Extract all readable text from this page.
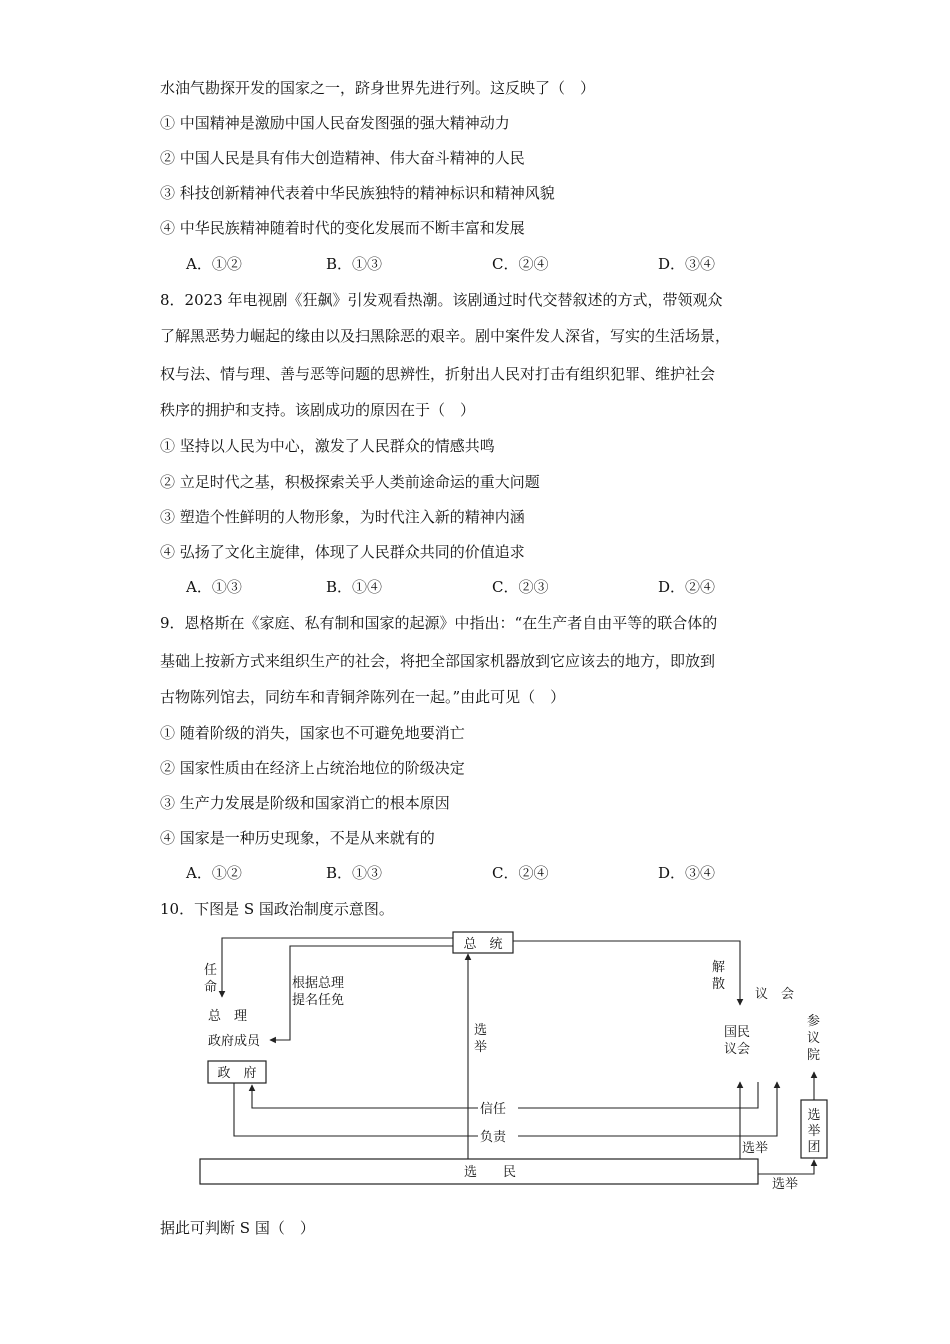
水油气勘探开发的国家之一，跻身世界先进行列。这反映了（　）
① 中国精神是激励中国人民奋发图强的强大精神动力
② 中国人民是具有伟大创造精神、伟大奋斗精神的人民
③ 科技创新精神代表着中华民族独特的精神标识和精神风貌
④ 中华民族精神随着时代的变化发展而不断丰富和发展
A．①②	B．①③	C．②④	D．③④
8．2023 年电视剧《狂飙》引发观看热潮。该剧通过时代交替叙述的方式，带领观众
了解黑恶势力崛起的缘由以及扫黑除恶的艰辛。剧中案件发人深省，写实的生活场景，
权与法、情与理、善与恶等问题的思辨性，折射出人民对打击有组织犯罪、维护社会
秩序的拥护和支持。该剧成功的原因在于（　）
① 坚持以人民为中心，激发了人民群众的情感共鸣
② 立足时代之基，积极探索关乎人类前途命运的重大问题
③ 塑造个性鲜明的人物形象，为时代注入新的精神内涵
④ 弘扬了文化主旋律，体现了人民群众共同的价值追求
A．①③	B．①④	C．②③	D．②④
9．恩格斯在《家庭、私有制和国家的起源》中指出：“在生产者自由平等的联合体的
基础上按新方式来组织生产的社会，将把全部国家机器放到它应该去的地方，即放到
古物陈列馆去，同纺车和青铜斧陈列在一起。”由此可见（　）
① 随着阶级的消失，国家也不可避免地要消亡
② 国家性质由在经济上占统治地位的阶级决定
③ 生产力发展是阶级和国家消亡的根本原因
④ 国家是一种历史现象，不是从来就有的
A．①②	B．①③	C．②④	D．③④
10．下图是 S 国政治制度示意图。
总　统
任
命	根据总理
提名任免
总　理
政府成员
政　府
选
举
解
散
议　会
国民
议会
参
议
院
信任
负责
选举
选
举
团
选　　民
选举
据此可判断 S 国（　）
